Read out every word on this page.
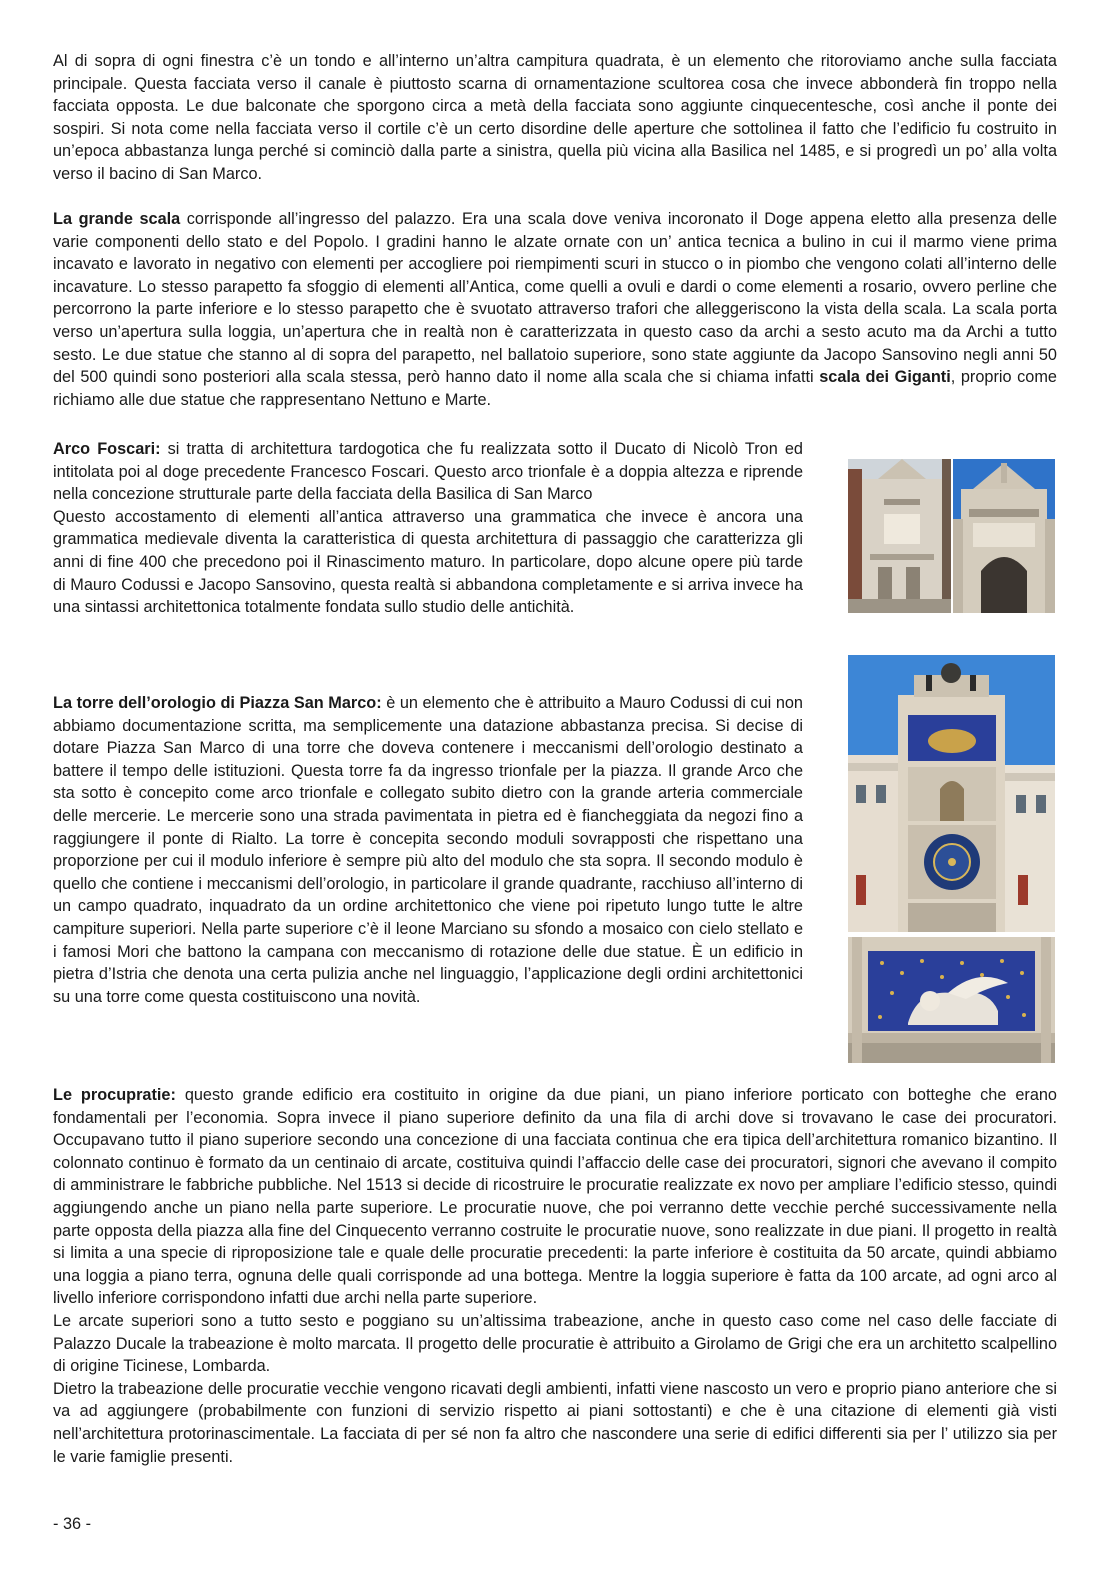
Al di sopra di ogni finestra c’è un tondo e all’interno un’altra campitura quadrata, è un elemento che ritoroviamo anche sulla facciata principale. Questa facciata verso il canale è piuttosto scarna di ornamentazione scultorea cosa che invece abbonderà fin troppo nella facciata opposta. Le due balconate che sporgono circa a metà della facciata sono aggiunte cinquecentesche, così anche il ponte dei sospiri. Si nota come nella facciata verso il cortile c’è un certo disordine delle aperture che sottolinea il fatto che l’edificio fu costruito in un’epoca abbastanza lunga perché si cominciò dalla parte a sinistra, quella più vicina alla Basilica nel 1485, e si progredì un po’ alla volta verso il bacino di San Marco.

La grande scala corrisponde all’ingresso del palazzo. Era una scala dove veniva incoronato il Doge appena eletto alla presenza delle varie componenti dello stato e del Popolo. I gradini hanno le alzate ornate con un’ antica tecnica a bulino in cui il marmo viene prima incavato e lavorato in negativo con elementi per accogliere poi riempimenti scuri in stucco o in piombo che vengono colati all’interno delle incavature. Lo stesso parapetto fa sfoggio di elementi all’Antica, come quelli a ovuli e dardi o come elementi a rosario, ovvero perline che percorrono la parte inferiore e lo stesso parapetto che è svuotato attraverso trafori che alleggeriscono la vista della scala. La scala porta verso un’apertura sulla loggia, un’apertura che in realtà non è caratterizzata in questo caso da archi a sesto acuto ma da Archi a tutto sesto. Le due statue che stanno al di sopra del parapetto, nel ballatoio superiore, sono state aggiunte da Jacopo Sansovino negli anni 50 del 500 quindi sono posteriori alla scala stessa, però hanno dato il nome alla scala che si chiama infatti scala dei Giganti, proprio come richiamo alle due statue che rappresentano Nettuno e Marte.

Arco Foscari: si tratta di architettura tardogotica che fu realizzata sotto il Ducato di Nicolò Tron ed intitolata poi al doge precedente Francesco Foscari. Questo arco trionfale è a doppia altezza e riprende nella concezione strutturale parte della facciata della Basilica di San Marco
Questo accostamento di elementi all’antica attraverso una grammatica che invece è ancora una grammatica medievale diventa la caratteristica di questa architettura di passaggio che caratterizza gli anni di fine 400 che precedono poi il Rinascimento maturo. In particolare, dopo alcune opere più tarde di Mauro Codussi e Jacopo Sansovino, questa realtà si abbandona completamente e si arriva invece ha una sintassi architettonica totalmente fondata sullo studio delle antichità.

La torre dell’orologio di Piazza San Marco: è un elemento che è attribuito a Mauro Codussi di cui non abbiamo documentazione scritta, ma semplicemente una datazione abbastanza precisa. Si decise di dotare Piazza San Marco di una torre che doveva contenere i meccanismi dell’orologio destinato a battere il tempo delle istituzioni. Questa torre fa da ingresso trionfale per la piazza. Il grande Arco che sta sotto è concepito come arco trionfale e collegato subito dietro con la grande arteria commerciale delle mercerie. Le mercerie sono una strada pavimentata in pietra ed è fiancheggiata da negozi fino a raggiungere il ponte di Rialto. La torre è concepita secondo moduli sovrapposti che rispettano una proporzione per cui il modulo inferiore è sempre più alto del modulo che sta sopra. Il secondo modulo è quello che contiene i meccanismi dell’orologio, in particolare il grande quadrante, racchiuso all’interno di un campo quadrato, inquadrato da un ordine architettonico che viene poi ripetuto lungo tutte le altre campiture superiori. Nella parte superiore c’è il leone Marciano su sfondo a mosaico con cielo stellato e i famosi Mori che battono la campana con meccanismo di rotazione delle due statue. È un edificio in pietra d’Istria che denota una certa pulizia anche nel linguaggio, l’applicazione degli ordini architettonici su una torre come questa costituiscono una novità.

Le procupratie: questo grande edificio era costituito in origine da due piani, un piano inferiore porticato con botteghe che erano fondamentali per l’economia. Sopra invece il piano superiore definito da una fila di archi dove si trovavano le case dei procuratori. Occupavano tutto il piano superiore secondo una concezione di una facciata continua che era tipica dell’architettura romanico bizantino. Il colonnato continuo è formato da un centinaio di arcate, costituiva quindi l’affaccio delle case dei procuratori, signori che avevano il compito di amministrare le fabbriche pubbliche. Nel 1513 si decide di ricostruire le procuratie realizzate ex novo per ampliare l’edificio stesso, quindi aggiungendo anche un piano nella parte superiore. Le procuratie nuove, che poi verranno dette vecchie perché successivamente nella parte opposta della piazza alla fine del Cinquecento verranno costruite le procuratie nuove, sono realizzate in due piani. Il progetto in realtà si limita a una specie di riproposizione tale e quale delle procuratie precedenti: la parte inferiore è costituita da 50 arcate, quindi abbiamo una loggia a piano terra, ognuna delle quali corrisponde ad una bottega. Mentre la loggia superiore è fatta da 100 arcate, ad ogni arco al livello inferiore corrispondono infatti due archi nella parte superiore.
Le arcate superiori sono a tutto sesto e poggiano su un’altissima trabeazione, anche in questo caso come nel caso delle facciate di Palazzo Ducale la trabeazione è molto marcata. Il progetto delle procuratie è attribuito a Girolamo de Grigi che era un architetto scalpellino di origine Ticinese, Lombarda.
Dietro la trabeazione delle procuratie vecchie vengono ricavati degli ambienti, infatti viene nascosto un vero e proprio piano anteriore che si va ad aggiungere (probabilmente con funzioni di servizio rispetto ai piani sottostanti) e che è una citazione di elementi già visti nell’architettura protorinascimentale. La facciata di per sé non fa altro che nascondere una serie di edifici differenti sia per l’ utilizzo sia per le varie famiglie presenti.

- 36 -
